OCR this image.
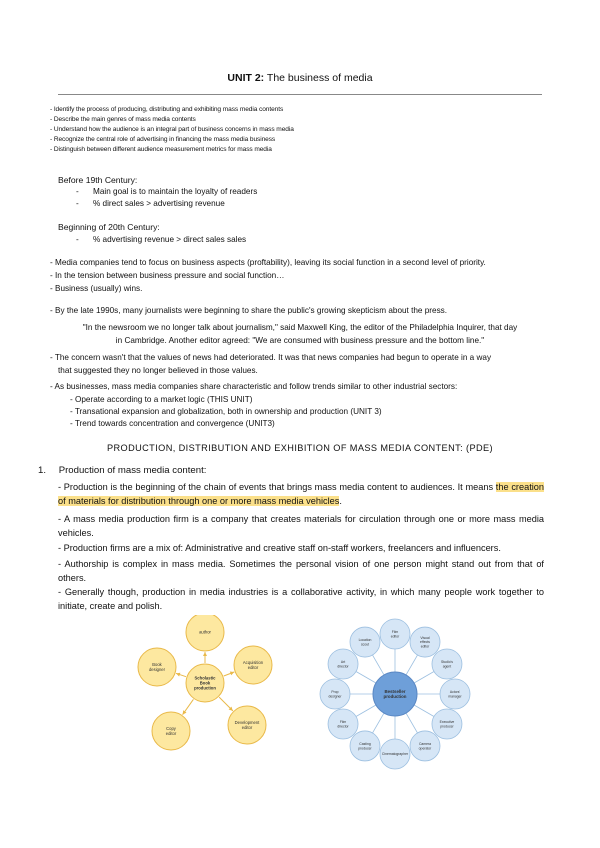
UNIT 2: The business of media
- Identify the process of producing, distributing and exhibiting mass media contents
- Describe the main genres of mass media contents
- Understand how the audience is an integral part of business concerns in mass media
- Recognize the central role of advertising in financing the mass media business
- Distinguish between different audience measurement metrics for mass media
Before 19th Century:
- Main goal is to maintain the loyalty of readers
- % direct sales > advertising revenue
Beginning of 20th Century:
- % advertising revenue > direct sales sales
- Media companies tend to focus on business aspects (proftability), leaving its social function in a second level of priority.
- In the tension between business pressure and social function…
- Business (usually) wins.
- By the late 1990s, many journalists were beginning to share the public's growing skepticism about the press.
"In the newsroom we no longer talk about journalism," said Maxwell King, the editor of the Philadelphia Inquirer, that day
in Cambridge. Another editor agreed: "We are consumed with business pressure and the bottom line."
- The concern wasn't that the values of news had deteriorated. It was that news companies had begun to operate in a way
that suggested they no longer believed in those values.
- As businesses, mass media companies share characteristic and follow trends similar to other industrial sectors:
- Operate according to a market logic (THIS UNIT)
- Transational expansion and globalization, both in ownership and production (UNIT 3)
- Trend towards concentration and convergence (UNIT3)
PRODUCTION, DISTRIBUTION AND EXHIBITION OF MASS MEDIA CONTENT: (PDE)
1. Production of mass media content:
- Production is the beginning of the chain of events that brings mass media content to audiences. It means the creation of materials for distribution through one or more mass media vehicles.
- A mass media production firm is a company that creates materials for circulation through one or more mass media vehicles.
- Production firms are a mix of: Administrative and creative staff on-staff workers, freelancers and influencers.
- Authorship is complex in mass media. Sometimes the personal vision of one person might stand out from that of others.
- Generally though, production in media industries is a collaborative activity, in which many people work together to initiate, create and polish.
Scholastic
Book
production
author
Acquisition
editor
Development
editor
Copy
editor
Book
designer
Film
editor	Visual
effects
editor
Studio's
agent
Actors'
manager
Executive
producer
Camera
operator
Cinematographer
Casting
producer
Film
director
Prop
designer
Art
director
Location
scout
Bestseller
production
